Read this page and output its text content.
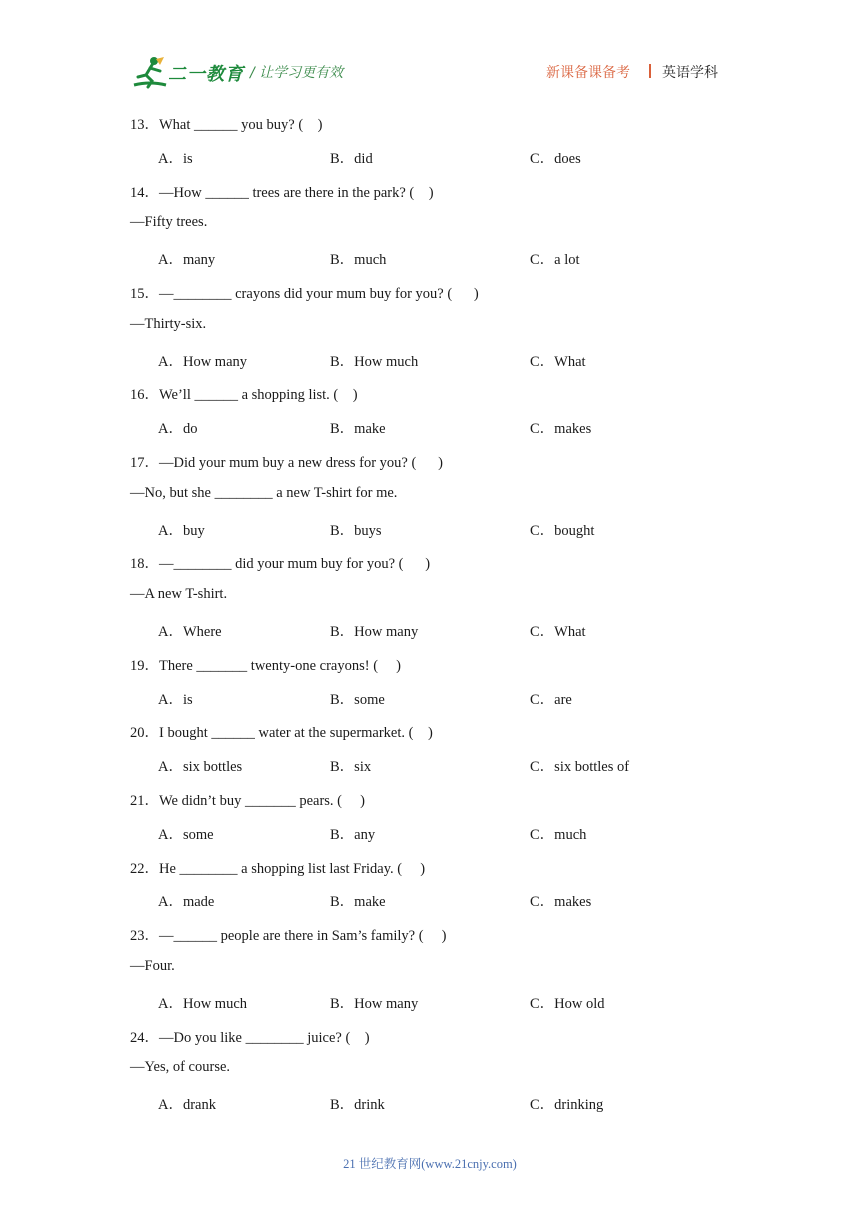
二一教育 / 让学习更有效	新课备课备考 英语学科
13．What ______ you buy? (    )
A．is	B．did	C．does
14．—How ______ trees are there in the park? (    )
—Fifty trees.
A．many	B．much	C．a lot
15．—________ crayons did your mum buy for you? (      )
—Thirty-six.
A．How many	B．How much	C．What
16．We’ll ______ a shopping list. (    )
A．do	B．make	C．makes
17．—Did your mum buy a new dress for you? (      )
—No, but she ________ a new T-shirt for me.
A．buy	B．buys	C．bought
18．—________ did your mum buy for you? (      )
—A new T-shirt.
A．Where	B．How many	C．What
19．There _______ twenty-one crayons! (     )
A．is	B．some	C．are
20．I bought ______ water at the supermarket. (    )
A．six bottles	B．six	C．six bottles of
21．We didn’t buy _______ pears. (     )
A．some	B．any	C．much
22．He ________ a shopping list last Friday. (     )
A．made	B．make	C．makes
23．—______ people are there in Sam’s family? (     )
—Four.
A．How much	B．How many	C．How old
24．—Do you like ________ juice? (    )
—Yes, of course.
A．drank	B．drink	C．drinking
21 世纪教育网(www.21cnjy.com)
